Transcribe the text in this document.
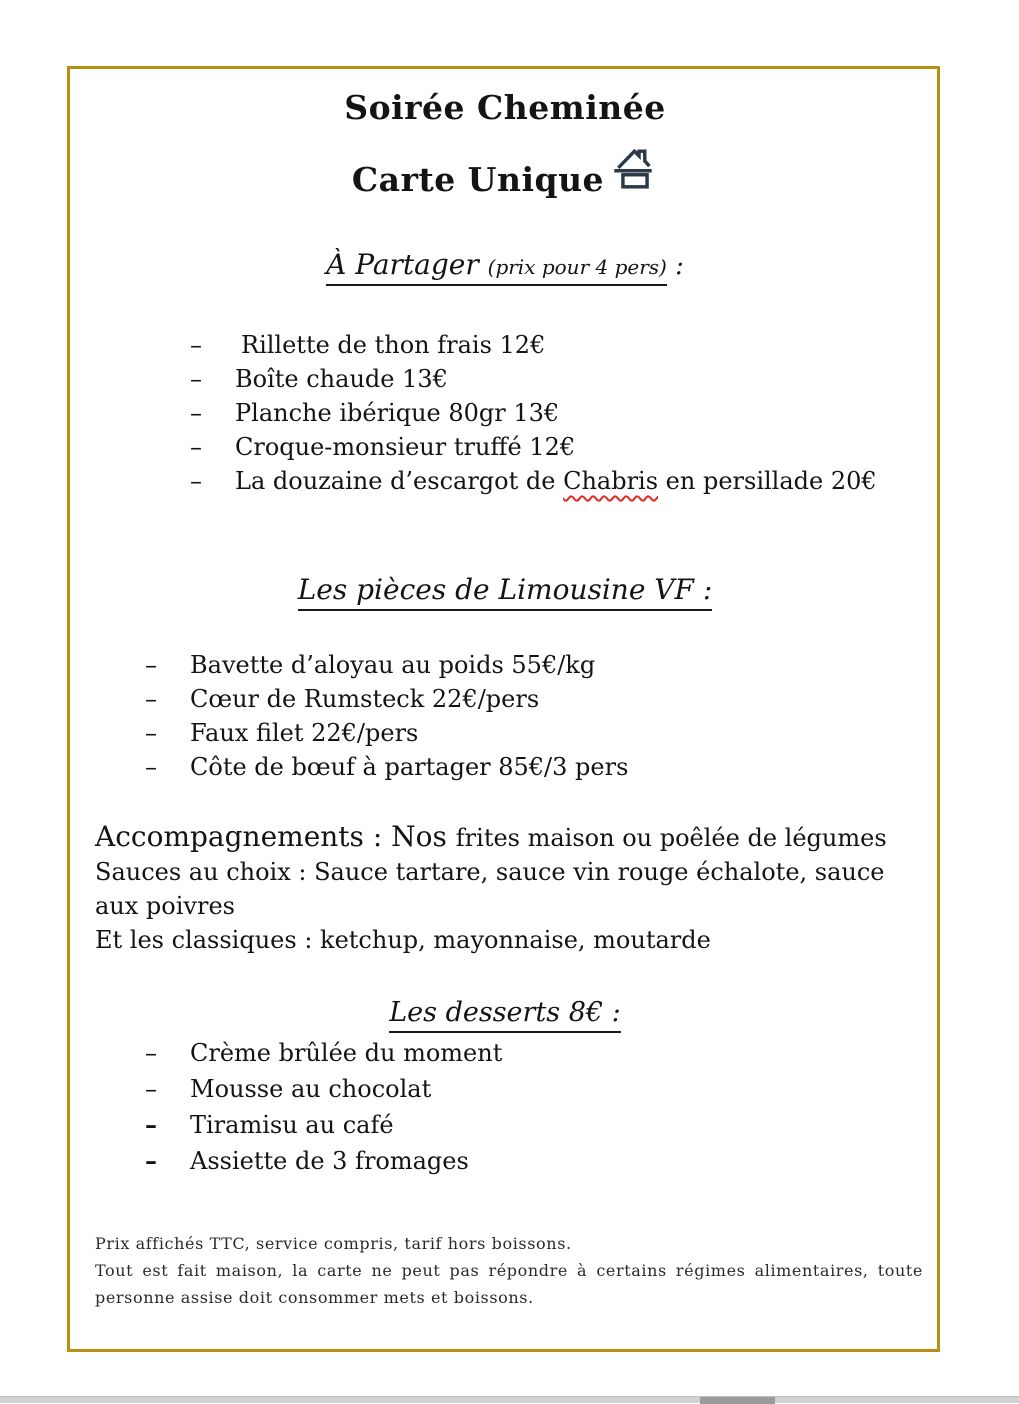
Soirée Cheminée
Carte Unique
À Partager (prix pour 4 pers) :
–	Rillette de thon frais 12€
–	Boîte chaude 13€
–	Planche ibérique 80gr 13€
–	Croque-monsieur truffé 12€
–	La douzaine d’escargot de Chabris en persillade 20€
Les pièces de Limousine VF :
–	Bavette d’aloyau au poids 55€/kg
–	Cœur de Rumsteck 22€/pers
–	Faux filet 22€/pers
–	Côte de bœuf à partager 85€/3 pers

Accompagnements : Nos frites maison ou poêlée de légumes

Sauces au choix : Sauce tartare, sauce vin rouge échalote, sauce aux poivres

Et les classiques : ketchup, mayonnaise, moutarde

Les desserts 8€ :
–	Crème brûlée du moment
–	Mousse au chocolat
–	Tiramisu au café
–	Assiette de 3 fromages

Prix affichés TTC, service compris, tarif hors boissons.

Tout est fait maison, la carte ne peut pas répondre à certains régimes alimentaires, toute personne assise doit consommer mets et boissons.
